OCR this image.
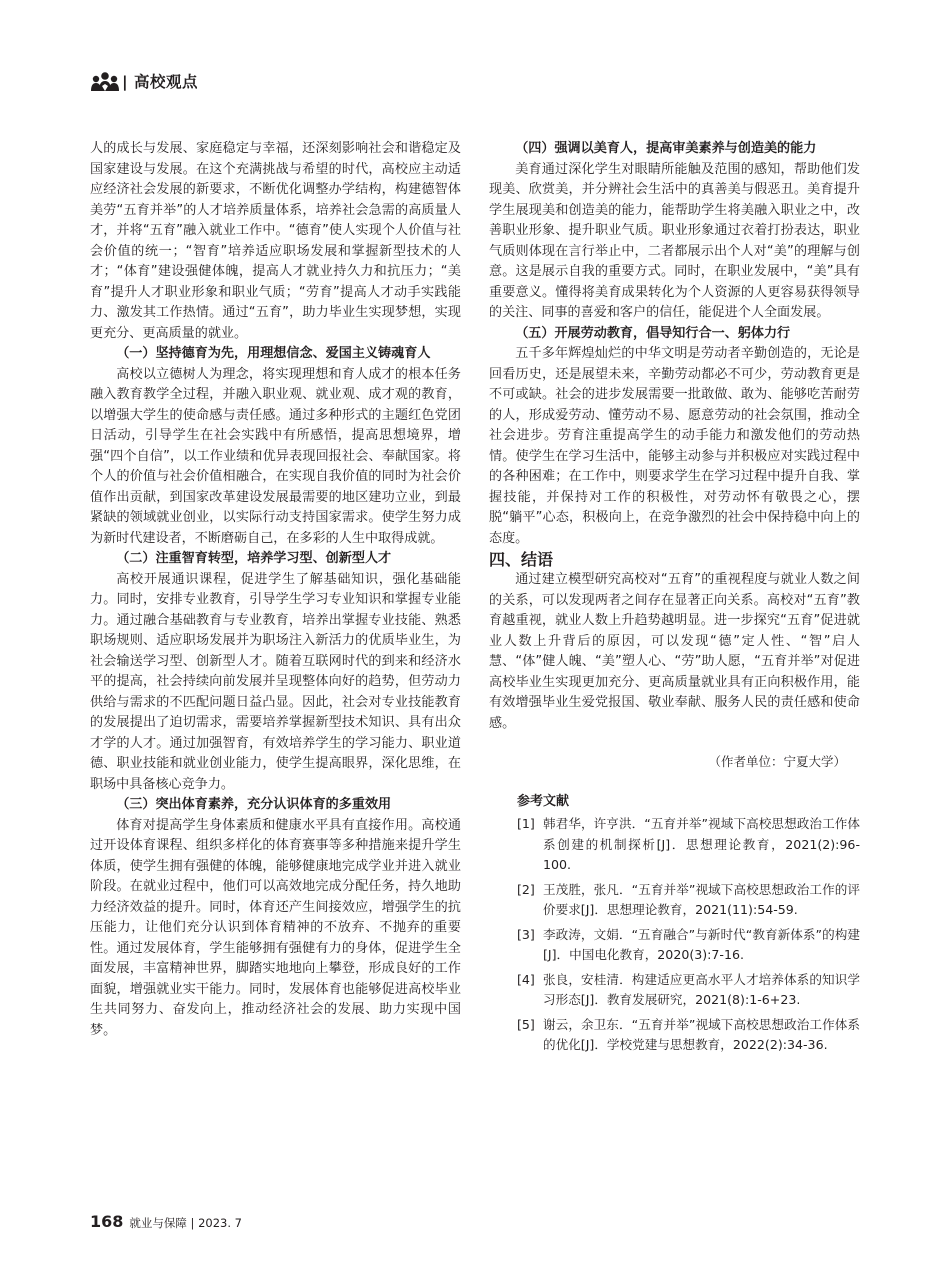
| 高校观点

人的成长与发展、家庭稳定与幸福，还深刻影响社会和谐稳定及国家建设与发展。在这个充满挑战与希望的时代，高校应主动适应经济社会发展的新要求，不断优化调整办学结构，构建德智体美劳“五育并举”的人才培养质量体系，培养社会急需的高质量人才，并将“五育”融入就业工作中。“德育”使人实现个人价值与社会价值的统一；“智育”培养适应职场发展和掌握新型技术的人才；“体育”建设强健体魄，提高人才就业持久力和抗压力；“美育”提升人才职业形象和职业气质；“劳育”提高人才动手实践能力、激发其工作热情。通过“五育”，助力毕业生实现梦想，实现更充分、更高质量的就业。

（一）坚持德育为先，用理想信念、爱国主义铸魂育人

高校以立德树人为理念，将实现理想和育人成才的根本任务融入教育教学全过程，并融入职业观、就业观、成才观的教育，以增强大学生的使命感与责任感。通过多种形式的主题红色党团日活动，引导学生在社会实践中有所感悟，提高思想境界，增强“四个自信”，以工作业绩和优异表现回报社会、奉献国家。将个人的价值与社会价值相融合，在实现自我价值的同时为社会价值作出贡献，到国家改革建设发展最需要的地区建功立业，到最紧缺的领域就业创业，以实际行动支持国家需求。使学生努力成为新时代建设者，不断磨砺自己，在多彩的人生中取得成就。

（二）注重智育转型，培养学习型、创新型人才

高校开展通识课程，促进学生了解基础知识，强化基础能力。同时，安排专业教育，引导学生学习专业知识和掌握专业能力。通过融合基础教育与专业教育，培养出掌握专业技能、熟悉职场规则、适应职场发展并为职场注入新活力的优质毕业生，为社会输送学习型、创新型人才。随着互联网时代的到来和经济水平的提高，社会持续向前发展并呈现整体向好的趋势，但劳动力供给与需求的不匹配问题日益凸显。因此，社会对专业技能教育的发展提出了迫切需求，需要培养掌握新型技术知识、具有出众才学的人才。通过加强智育，有效培养学生的学习能力、职业道德、职业技能和就业创业能力，使学生提高眼界，深化思维，在职场中具备核心竞争力。

（三）突出体育素养，充分认识体育的多重效用

体育对提高学生身体素质和健康水平具有直接作用。高校通过开设体育课程、组织多样化的体育赛事等多种措施来提升学生体质，使学生拥有强健的体魄，能够健康地完成学业并进入就业阶段。在就业过程中，他们可以高效地完成分配任务，持久地助力经济效益的提升。同时，体育还产生间接效应，增强学生的抗压能力，让他们充分认识到体育精神的不放弃、不抛弃的重要性。通过发展体育，学生能够拥有强健有力的身体，促进学生全面发展，丰富精神世界，脚踏实地地向上攀登，形成良好的工作面貌，增强就业实干能力。同时，发展体育也能够促进高校毕业生共同努力、奋发向上，推动经济社会的发展、助力实现中国梦。

（四）强调以美育人，提高审美素养与创造美的能力

美育通过深化学生对眼睛所能触及范围的感知，帮助他们发现美、欣赏美，并分辨社会生活中的真善美与假恶丑。美育提升学生展现美和创造美的能力，能帮助学生将美融入职业之中，改善职业形象、提升职业气质。职业形象通过衣着打扮表达，职业气质则体现在言行举止中，二者都展示出个人对“美”的理解与创意。这是展示自我的重要方式。同时，在职业发展中，“美”具有重要意义。懂得将美育成果转化为个人资源的人更容易获得领导的关注、同事的喜爱和客户的信任，能促进个人全面发展。

（五）开展劳动教育，倡导知行合一、躬体力行

五千多年辉煌灿烂的中华文明是劳动者辛勤创造的，无论是回看历史，还是展望未来，辛勤劳动都必不可少，劳动教育更是不可或缺。社会的进步发展需要一批敢做、敢为、能够吃苦耐劳的人，形成爱劳动、懂劳动不易、愿意劳动的社会氛围，推动全社会进步。劳育注重提高学生的动手能力和激发他们的劳动热情。使学生在学习生活中，能够主动参与并积极应对实践过程中的各种困难；在工作中，则要求学生在学习过程中提升自我、掌握技能，并保持对工作的积极性，对劳动怀有敬畏之心，摆脱“躺平”心态，积极向上，在竞争激烈的社会中保持稳中向上的态度。

四、结语

通过建立模型研究高校对“五育”的重视程度与就业人数之间的关系，可以发现两者之间存在显著正向关系。高校对“五育”教育越重视，就业人数上升趋势越明显。进一步探究“五育”促进就业人数上升背后的原因，可以发现“德”定人性、“智”启人慧、“体”健人魄、“美”塑人心、“劳”助人愿，“五育并举”对促进高校毕业生实现更加充分、更高质量就业具有正向积极作用，能有效增强毕业生爱党报国、敬业奉献、服务人民的责任感和使命感。

（作者单位：宁夏大学）
参考文献
[1] 韩君华，许亨洪．“五育并举”视域下高校思想政治工作体系创建的机制探析[J]．思想理论教育，2021(2):96-100.
[2] 王茂胜，张凡．“五育并举”视域下高校思想政治工作的评价要求[J]．思想理论教育，2021(11):54-59.
[3] 李政涛，文娟．“五育融合”与新时代“教育新体系”的构建[J]．中国电化教育，2020(3):7-16.
[4] 张良，安桂清．构建适应更高水平人才培养体系的知识学习形态[J]．教育发展研究，2021(8):1-6+23.
[5] 谢云，余卫东．“五育并举”视域下高校思想政治工作体系的优化[J]．学校党建与思想教育，2022(2):34-36.
168 就业与保障 | 2023. 7
